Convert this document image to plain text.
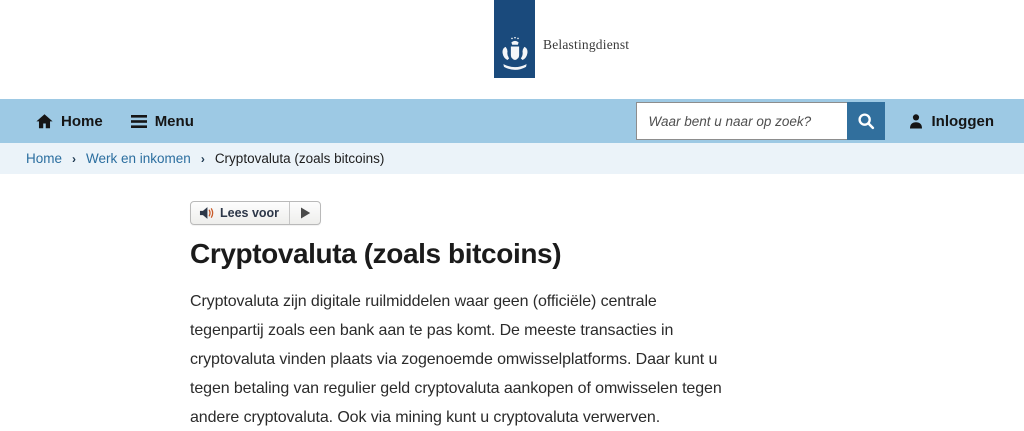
Belastingdienst
Home	Menu
Waar bent u naar op zoek?	Inloggen
Home › Werk en inkomen › Cryptovaluta (zoals bitcoins)
Lees voor
Cryptovaluta (zoals bitcoins)
Cryptovaluta zijn digitale ruilmiddelen waar geen (officiële) centrale
tegenpartij zoals een bank aan te pas komt. De meeste transacties in
cryptovaluta vinden plaats via zogenoemde omwisselplatforms. Daar kunt u
tegen betaling van regulier geld cryptovaluta aankopen of omwisselen tegen
andere cryptovaluta. Ook via mining kunt u cryptovaluta verwerven.
